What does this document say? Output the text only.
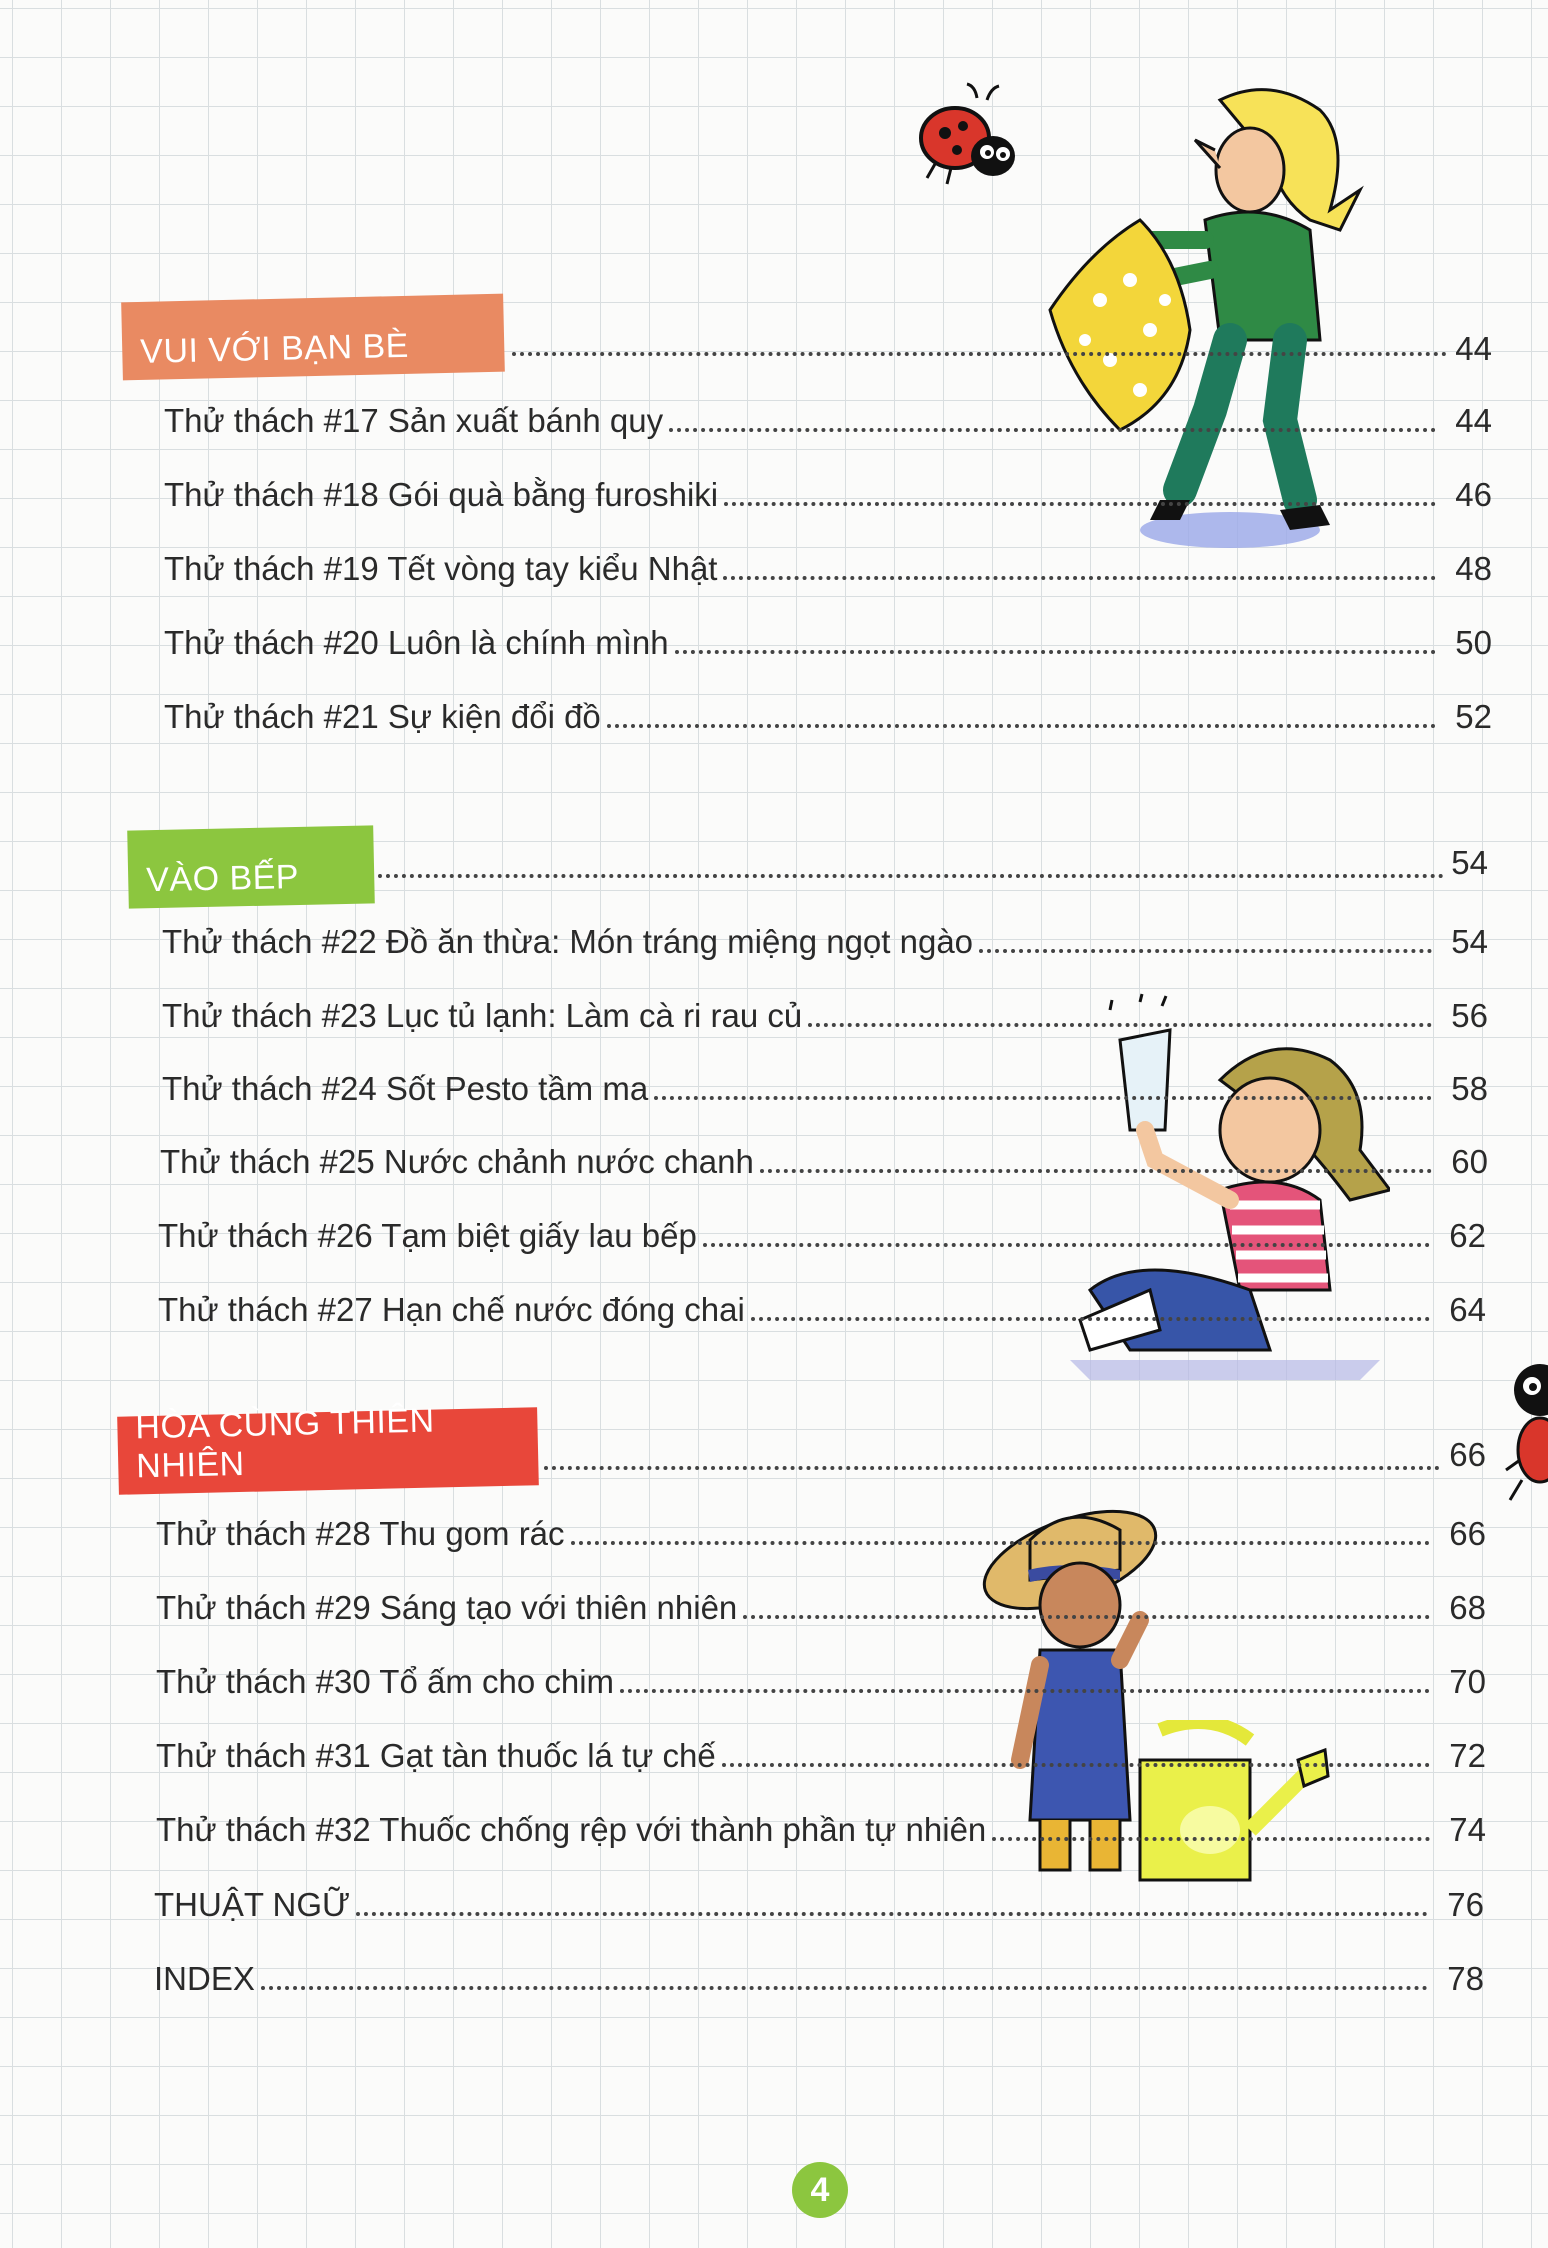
VUI VỚI BẠN BÈ	44
Thử thách #17 Sản xuất bánh quy	44
Thử thách #18 Gói quà bằng furoshiki	46
Thử thách #19 Tết vòng tay kiểu Nhật	48
Thử thách #20 Luôn là chính mình	50
Thử thách #21 Sự kiện đổi đồ	52
VÀO BẾP	54
Thử thách #22 Đồ ăn thừa: Món tráng miệng ngọt ngào	54
Thử thách #23 Lục tủ lạnh: Làm cà ri rau củ	56
Thử thách #24 Sốt Pesto tầm ma	58
Thử thách #25 Nước chảnh nước chanh	60
Thử thách #26 Tạm biệt giấy lau bếp	62
Thử thách #27 Hạn chế nước đóng chai	64
HÒA CÙNG THIÊN NHIÊN	66
Thử thách #28 Thu gom rác	66
Thử thách #29 Sáng tạo với thiên nhiên	68
Thử thách #30 Tổ ấm cho chim	70
Thử thách #31 Gạt tàn thuốc lá tự chế	72
Thử thách #32 Thuốc chống rệp với thành phần tự nhiên	74
THUẬT NGỮ	76
INDEX	78
4
